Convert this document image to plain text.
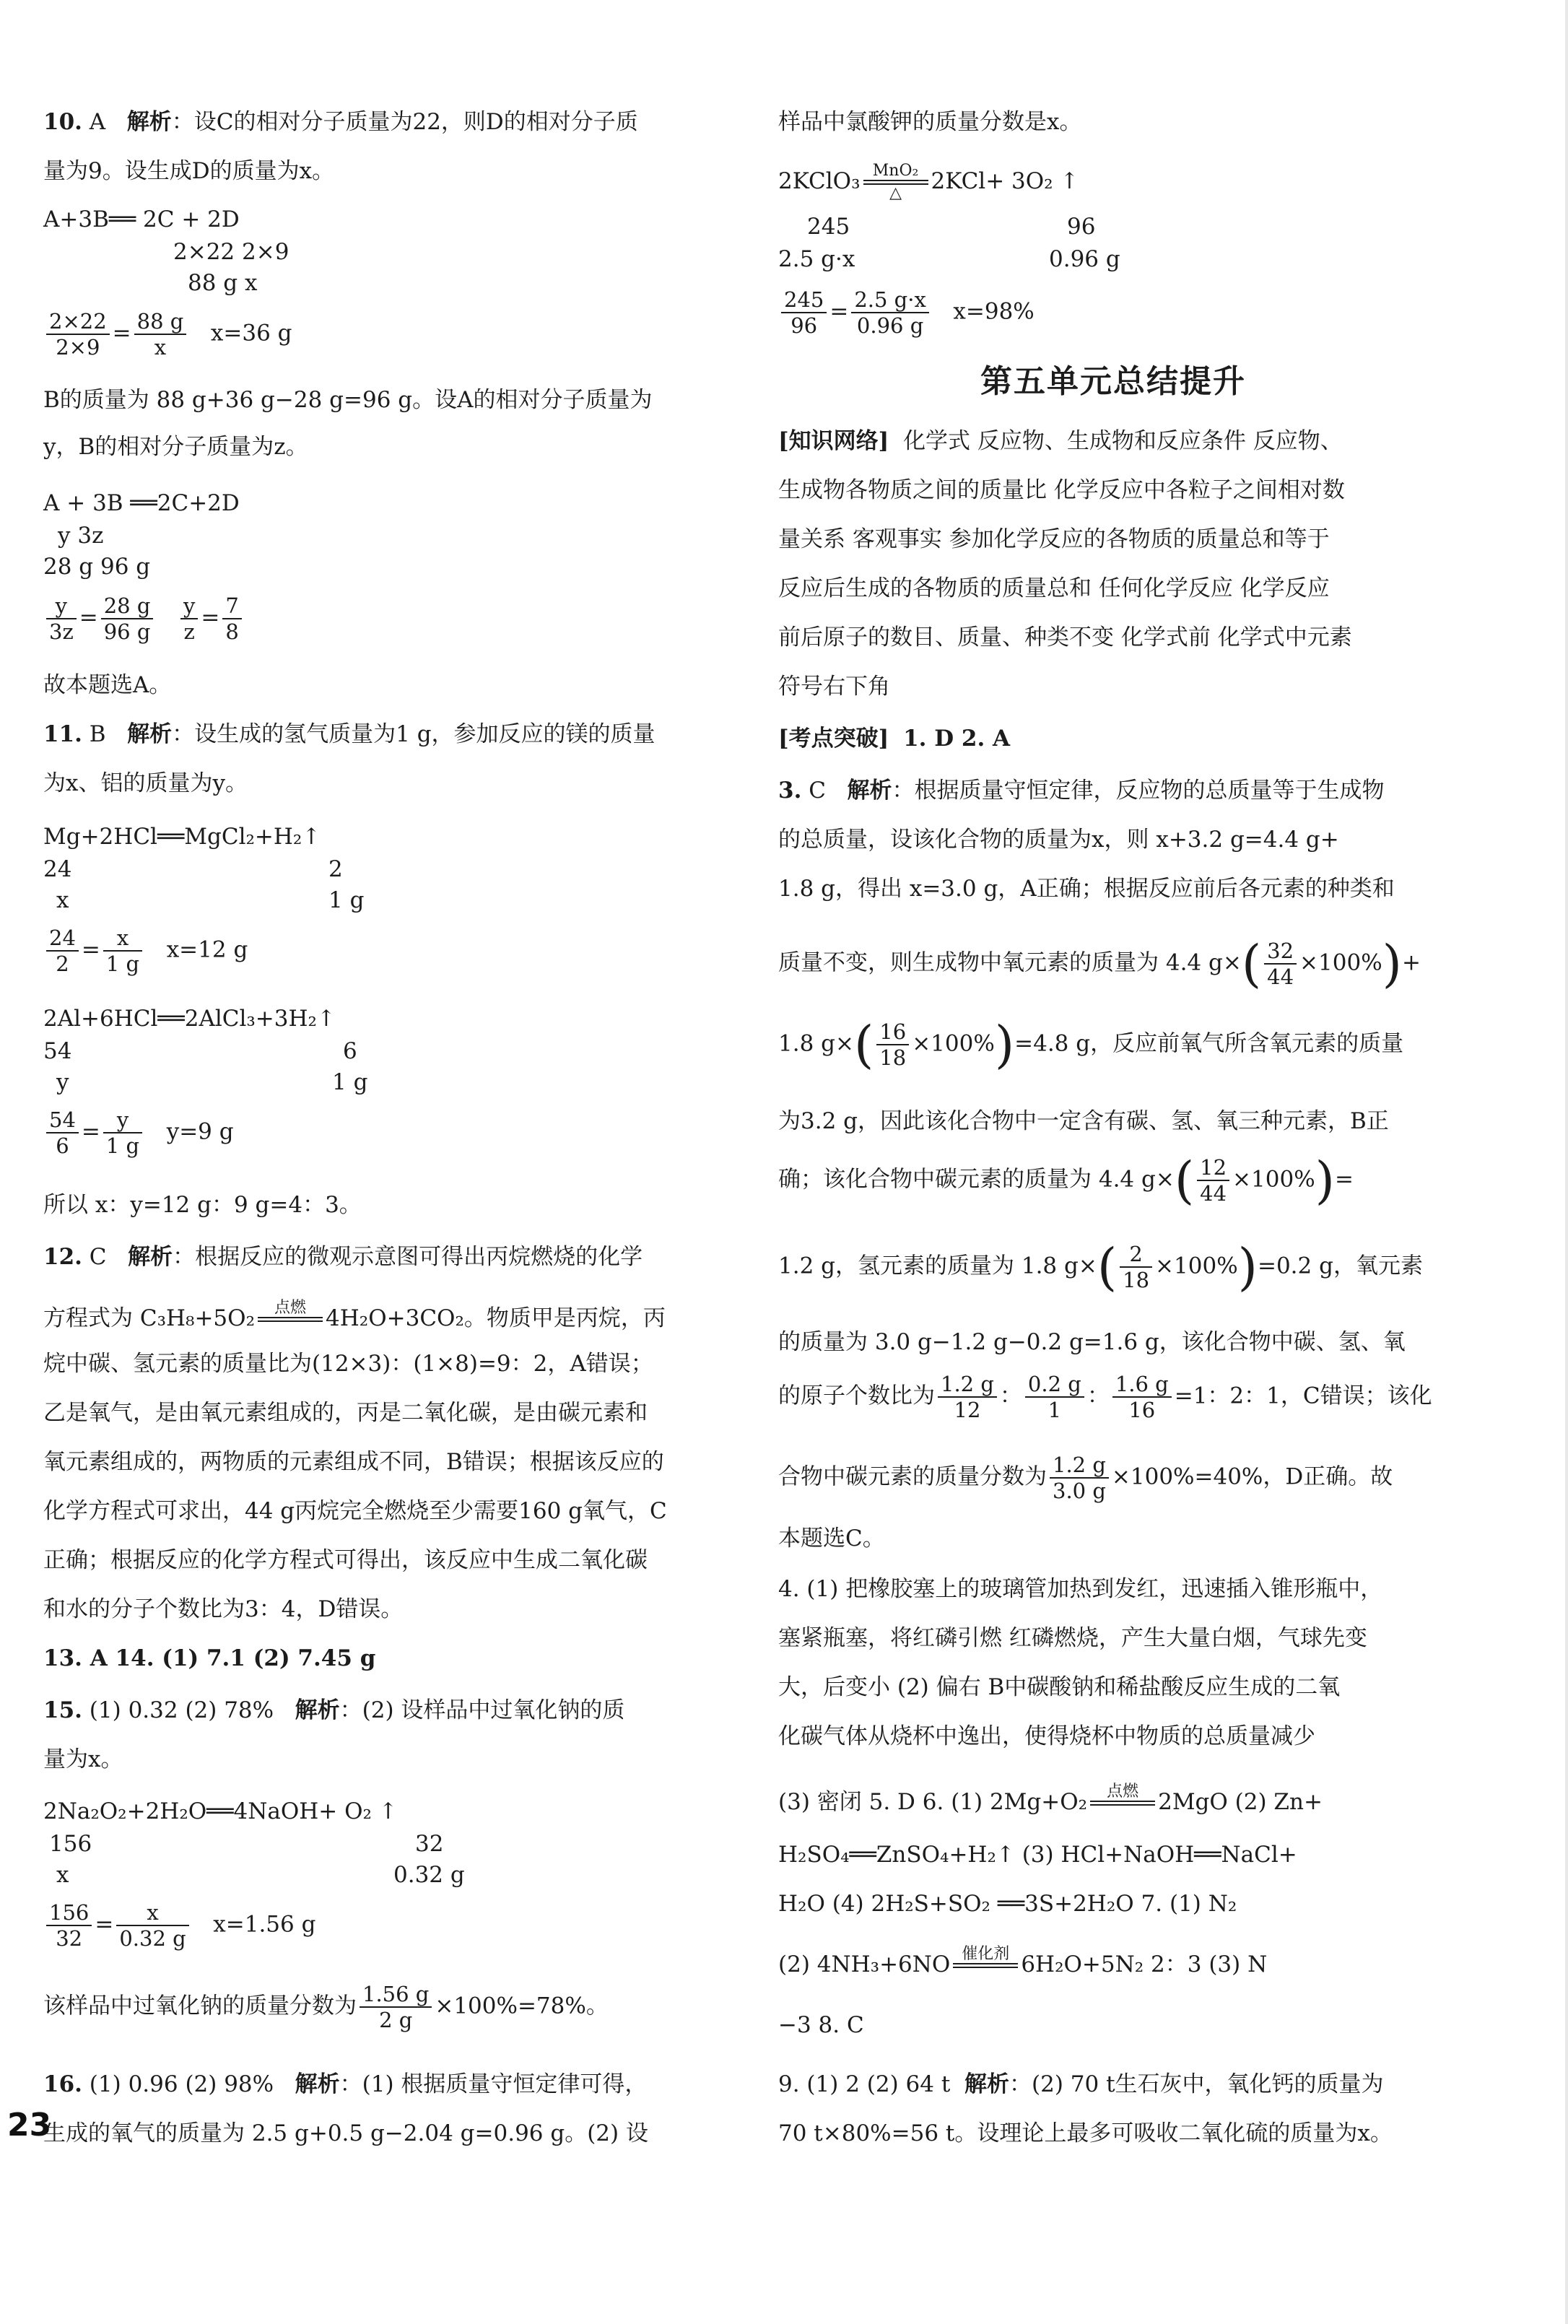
10. A 解析：设C的相对分子质量为22，则D的相对分子质
量为9。设生成D的质量为x。
A+3B══ 2C + 2D
2×22 2×9
88 g x
$\frac{2\times 22}{2\times 9} = \frac{88 g}{x} x=36$ g
B的质量为 88 g+36 g−28 g=96 g。设A的相对分子质量为
y，B的相对分子质量为z。
A + 3B ══2C+2D
y 3z
28 g 96 g
$\frac{y}{3z} = \frac{28 g}{96 g}$
$\frac{y}{z} = \frac{7}{8}$
故本题选A。
11. B 解析：设生成的氢气质量为1 g，参加反应的镁的质量
为x、铝的质量为y。
Mg+2HCl══MgCl₂+H₂↑
24	2
x	1 g
$\frac{24}{2} = \frac{x}{1 g} x=12$ g
2Al+6HCl══2AlCl₃+3H₂↑
54	6
y	1 g
$\frac{54}{6} = \frac{y}{1 g} y=9$ g
所以 x：y=12 g：9 g=4：3。
12. C 解析：根据反应的微观示意图可得出丙烷燃烧的化学
方程式为 C₃H₈+5O₂	点燃
4H₂O+3CO₂。物质甲是丙烷，丙
烷中碳、氢元素的质量比为(12×3)：(1×8)=9：2，A错误；
乙是氧气，是由氧元素组成的，丙是二氧化碳，是由碳元素和
氧元素组成的，两物质的元素组成不同，B错误；根据该反应的
化学方程式可求出，44 g丙烷完全燃烧至少需要160 g氧气，C
正确；根据反应的化学方程式可得出，该反应中生成二氧化碳
和水的分子个数比为3：4，D错误。
13. A 14. (1) 7.1 (2) 7.45 g
15. (1) 0.32 (2) 78% 解析：(2) 设样品中过氧化钠的质
量为x。
2Na₂O₂+2H₂O══4NaOH+ O₂ ↑
156	32
x	0.32 g
$\frac{156}{32} = \frac{x}{0.32 g} x=1.56$ g
该样品中过氧化钠的质量分数为 $\frac{1.56 g}{2 g} \times 100\%=78\%$。
16. (1) 0.96 (2) 98% 解析：(1) 根据质量守恒定律可得，
生成的氧气的质量为 2.5 g+0.5 g−2.04 g=0.96 g。(2) 设
样品中氯酸钾的质量分数是x。
2KClO₃ MnO₂
△	2KCl+ 3O₂ ↑
245	96
2.5 g·x	0.96 g
$\frac{245}{96} = \frac{2.5 g\cdot x}{0.96 g} x=98\%$
第五单元总结提升
[知识网络] 化学式 反应物、生成物和反应条件 反应物、
生成物各物质之间的质量比 化学反应中各粒子之间相对数
量关系 客观事实 参加化学反应的各物质的质量总和等于
反应后生成的各物质的质量总和 任何化学反应 化学反应
前后原子的数目、质量、种类不变 化学式前 化学式中元素
符号右下角
[考点突破] 1. D 2. A
3. C 解析：根据质量守恒定律，反应物的总质量等于生成物
的总质量，设该化合物的质量为x，则 x+3.2 g=4.4 g+
1.8 g，得出 x=3.0 g，A正确；根据反应前后各元素的种类和
质量不变，则生成物中氧元素的质量为 4.4 $g\times( \frac{32}{44} \times 100\%)+$
1.8 $g\times( \frac{16}{18} \times 100\%)=4.8$ g，反应前氧气所含氧元素的质量
为3.2 g，因此该化合物中一定含有碳、氢、氧三种元素，B正
确；该化合物中碳元素的质量为 4.4 $g\times( \frac{12}{44} \times 100\%)=$
1.2 g，氢元素的质量为 1.8 $g\times( \frac{2}{18} \times 100\%)=0.2$ g，氧元素
的质量为 3.0 g−1.2 g−0.2 g=1.6 g，该化合物中碳、氢、氧
的原子个数比为 $\frac{1.2 g}{12}$ ： $\frac{0.2 g}{1}$ ： $\frac{1.6 g}{16} =1$：2：1，C错误；该化
合物中碳元素的质量分数为 $\frac{1.2 g}{3.0 g} \times 100\%=40\%$，D正确。故
本题选C。
4. (1) 把橡胶塞上的玻璃管加热到发红，迅速插入锥形瓶中，
塞紧瓶塞，将红磷引燃 红磷燃烧，产生大量白烟，气球先变
大，后变小 (2) 偏右 B中碳酸钠和稀盐酸反应生成的二氧
化碳气体从烧杯中逸出，使得烧杯中物质的总质量减少
(3) 密闭 5. D 6. (1) 2Mg+O₂	点燃
2MgO (2) Zn+
H₂SO₄══ZnSO₄+H₂↑ (3) HCl+NaOH══NaCl+
H₂O (4) 2H₂S+SO₂ ══3S+2H₂O 7. (1) N₂
(2) 4NH₃+6NO 催化剂
6H₂O+5N₂ 2：3 (3) N
−3 8. C
9. (1) 2 (2) 64 t 解析：(2) 70 t生石灰中，氧化钙的质量为
70 t×80%=56 t。设理论上最多可吸收二氧化硫的质量为x。
23
